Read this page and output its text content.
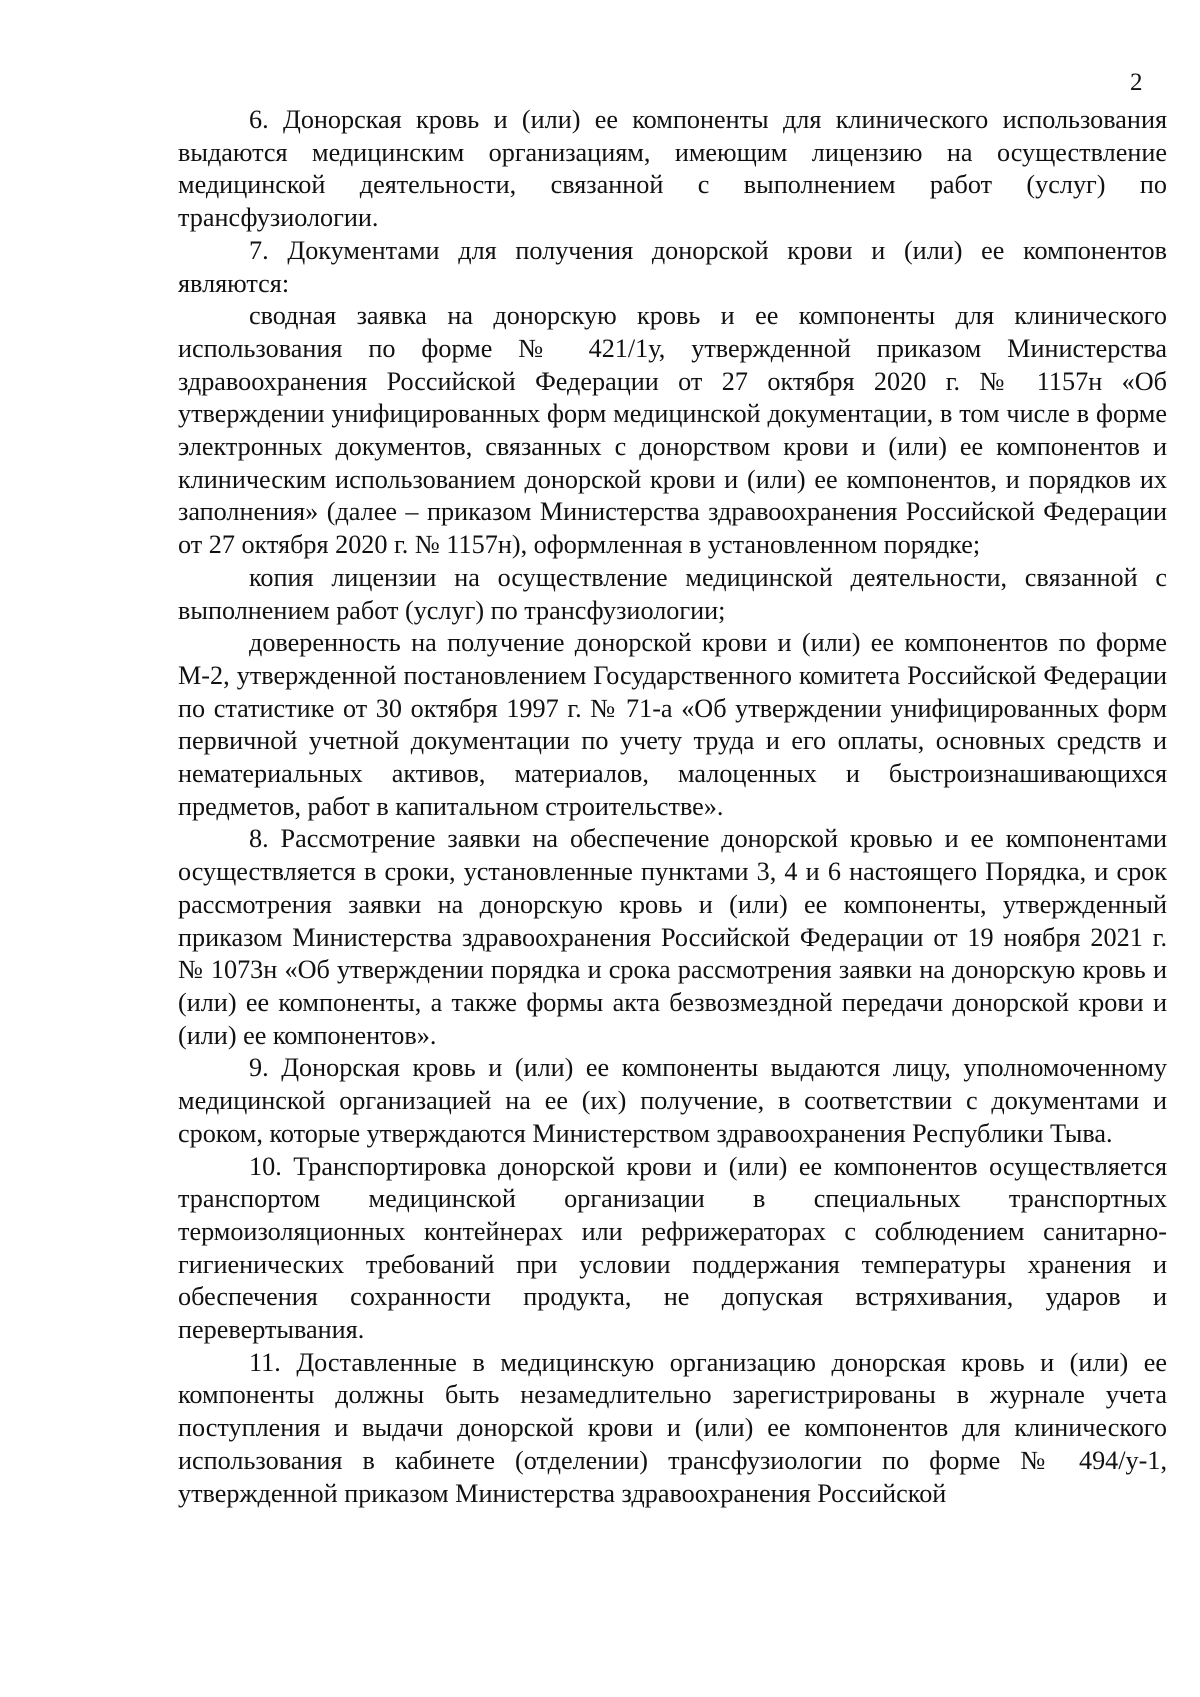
2

6. Донорская кровь и (или) ее компоненты для клинического использования выдаются медицинским организациям, имеющим лицензию на осуществление медицинской деятельности, связанной с выполнением работ (услуг) по трансфузиологии.

7. Документами для получения донорской крови и (или) ее компонентов являются:

сводная заявка на донорскую кровь и ее компоненты для клинического использования по форме № 421/1у, утвержденной приказом Министерства здравоохранения Российской Федерации от 27 октября 2020 г. № 1157н «Об утверждении унифицированных форм медицинской документации, в том числе в форме электронных документов, связанных с донорством крови и (или) ее компонентов и клиническим использованием донорской крови и (или) ее компонентов, и порядков их заполнения» (далее – приказом Министерства здравоохранения Российской Федерации от 27 октября 2020 г. № 1157н), оформленная в установленном порядке;

копия лицензии на осуществление медицинской деятельности, связанной с выполнением работ (услуг) по трансфузиологии;

доверенность на получение донорской крови и (или) ее компонентов по форме М-2, утвержденной постановлением Государственного комитета Российской Федерации по статистике от 30 октября 1997 г. № 71-а «Об утверждении унифицированных форм первичной учетной документации по учету труда и его оплаты, основных средств и нематериальных активов, материалов, малоценных и быстроизнашивающихся предметов, работ в капитальном строительстве».

8. Рассмотрение заявки на обеспечение донорской кровью и ее компонентами осуществляется в сроки, установленные пунктами 3, 4 и 6 настоящего Порядка, и срок рассмотрения заявки на донорскую кровь и (или) ее компоненты, утвержденный приказом Министерства здравоохранения Российской Федерации от 19 ноября 2021 г. № 1073н «Об утверждении порядка и срока рассмотрения заявки на донорскую кровь и (или) ее компоненты, а также формы акта безвозмездной передачи донорской крови и (или) ее компонентов».

9. Донорская кровь и (или) ее компоненты выдаются лицу, уполномоченному медицинской организацией на ее (их) получение, в соответствии с документами и сроком, которые утверждаются Министерством здравоохранения Республики Тыва.

10. Транспортировка донорской крови и (или) ее компонентов осуществляется транспортом медицинской организации в специальных транспортных термоизоляционных контейнерах или рефрижераторах с соблюдением санитарно-гигиенических требований при условии поддержания температуры хранения и обеспечения сохранности продукта, не допуская встряхивания, ударов и перевертывания.

11. Доставленные в медицинскую организацию донорская кровь и (или) ее компоненты должны быть незамедлительно зарегистрированы в журнале учета поступления и выдачи донорской крови и (или) ее компонентов для клинического использования в кабинете (отделении) трансфузиологии по форме № 494/у-1, утвержденной приказом Министерства здравоохранения Российской
